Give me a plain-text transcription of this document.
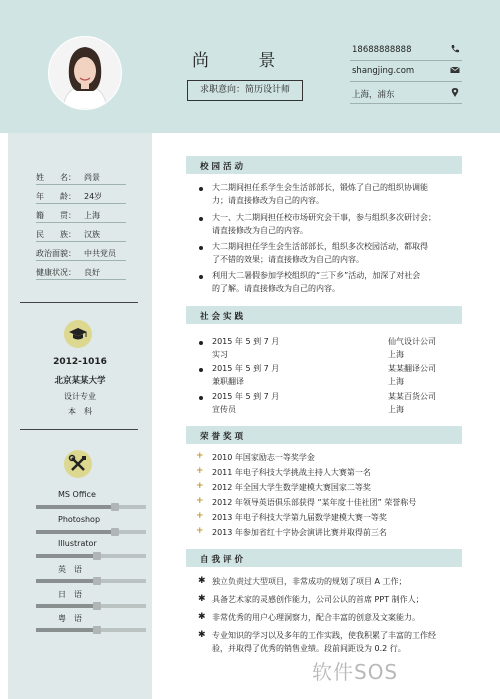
尚 景
求职意向：简历设计师
18688888888
shangjing.com
上海，浦东
姓　　名： 尚景
年　　龄： 24岁
籍　　贯： 上海
民　　族： 汉族
政治面貌： 中共党员
健康状况： 良好
2012-1016
北京某某大学
设计专业
本　科
MS Office
Photoshop
Illustrator
英　语
日　语
粤　语
校园活动
大二期间担任系学生会生活部部长，锻炼了自己的组织协调能
力；请直接修改为自己的内容。
大一、大二期间担任校市场研究会干事，参与组织多次研讨会；
请直接修改为自己的内容。
大二期间担任学生会生活部部长，组织多次校园活动，都取得
了不错的效果；请直接修改为自己的内容。
利用大二暑假参加学校组织的“三下乡”活动，加深了对社会
的了解。请直接修改为自己的内容。
社会实践
2015 年 5 到 7 月
实习
仙气设计公司
上海
2015 年 5 到 7 月
兼职翻译
某某翻译公司
上海
2015 年 5 到 7 月
宣传员
某某百货公司
上海
荣誉奖项
+ 2010 年国家励志一等奖学金
+ 2011 年电子科技大学挑战主持人大赛第一名
+ 2012 年全国大学生数学建模大赛国家二等奖
+ 2012 年领导英语俱乐部获得 “某年度十佳社团” 荣誉称号
+ 2013 年电子科技大学第九届数学建模大赛一等奖
+ 2013 年参加省红十字协会演讲比赛并取得前三名
自我评价
✱ 独立负责过大型项目，非常成功的规划了项目 A 工作；
✱ 具备艺术家的灵感创作能力，公司公认的首席 PPT 制作人；
✱ 非常优秀的用户心理洞察力，配合丰富的创意及文案能力。
✱ 专业知识的学习以及多年的工作实践，使我积累了丰富的工作经
验，并取得了优秀的销售业绩。段前间距设为 0.2 行。
软件SOS
